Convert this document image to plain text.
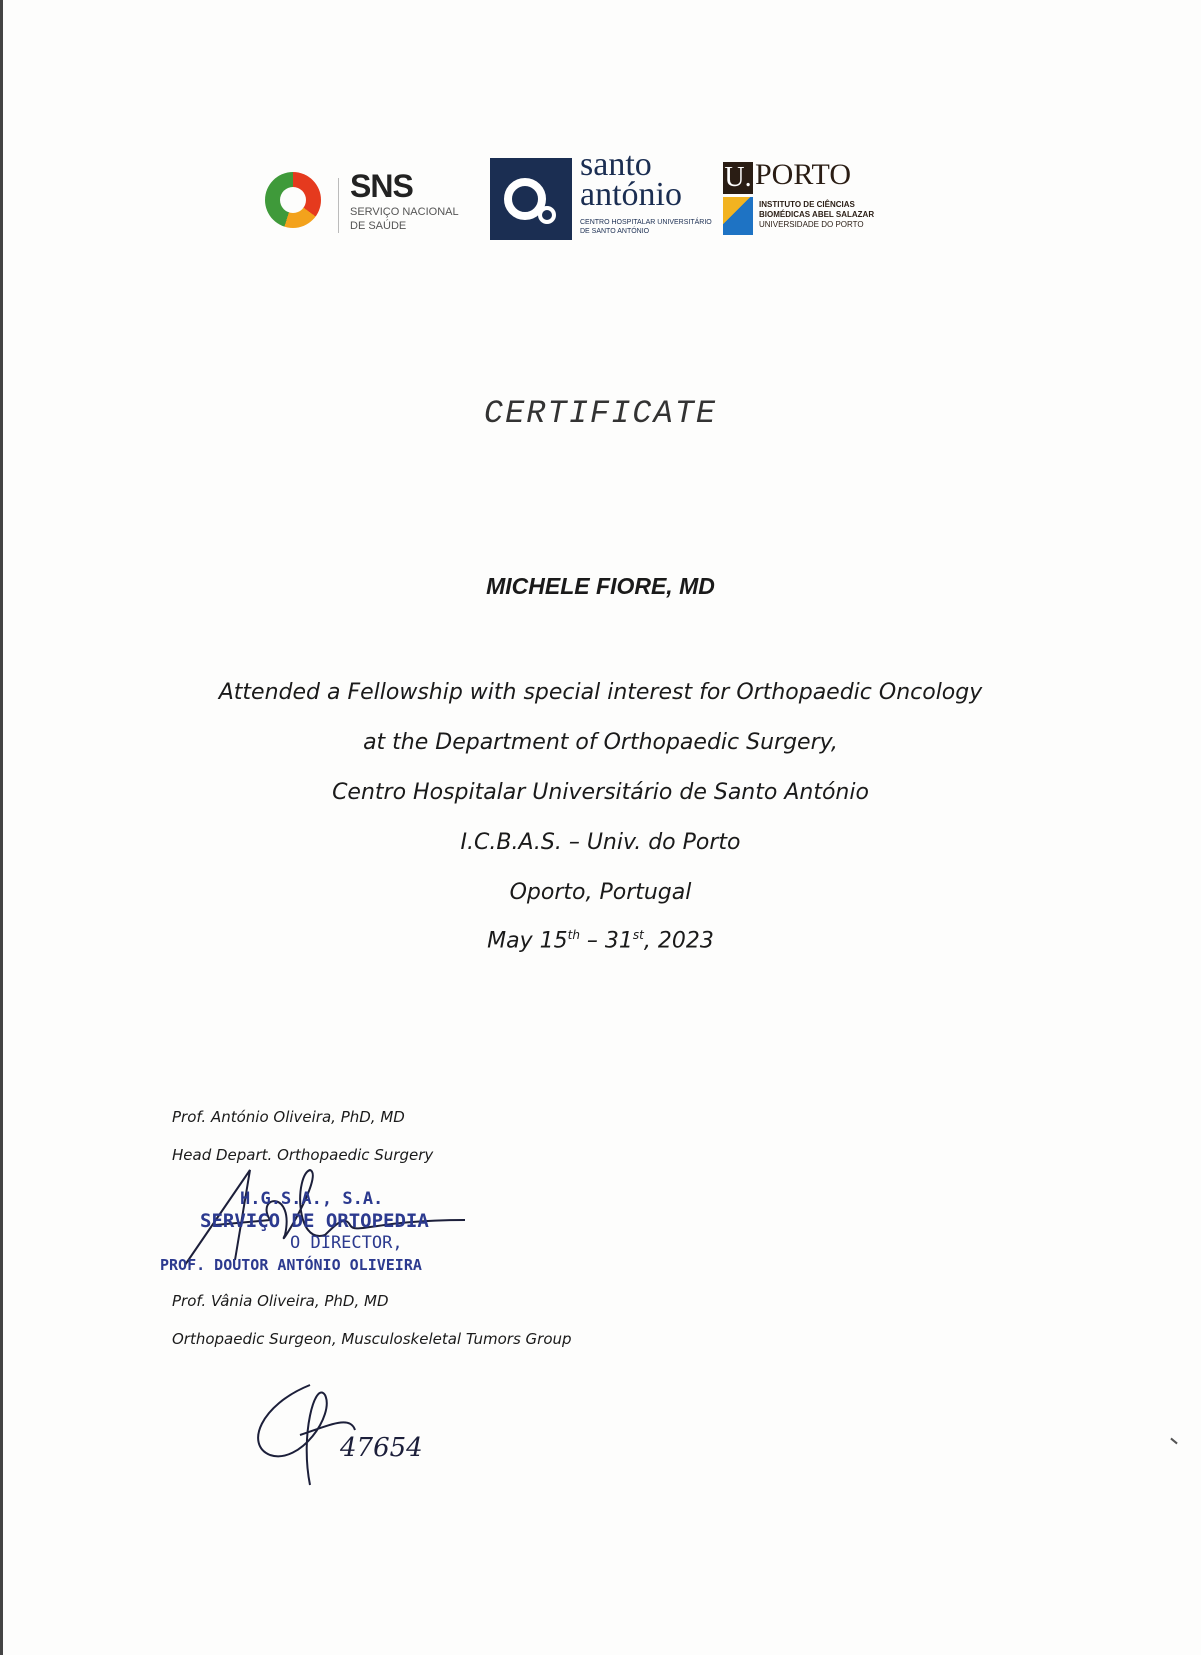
SNS
SERVIÇO NACIONAL DE SAÚDE
santo
antónio
CENTRO HOSPITALAR UNIVERSITÁRIO DE SANTO ANTÓNIO
U. PORTO
INSTITUTO DE CIÊNCIAS
BIOMÉDICAS ABEL SALAZAR
UNIVERSIDADE DO PORTO
CERTIFICATE
MICHELE FIORE, MD
Attended a Fellowship with special interest for Orthopaedic Oncology
at the Department of Orthopaedic Surgery,
Centro Hospitalar Universitário de Santo António
I.C.B.A.S. – Univ. do Porto
Oporto, Portugal
May 15th – 31st, 2023
Prof. António Oliveira, PhD, MD
Head Depart. Orthopaedic Surgery
H.G.S.A., S.A.
SERVIÇO DE ORTOPEDIA
O DIRECTOR,
PROF. DOUTOR ANTÓNIO OLIVEIRA
Prof. Vânia Oliveira, PhD, MD
Orthopaedic Surgeon, Musculoskeletal Tumors Group
47654
